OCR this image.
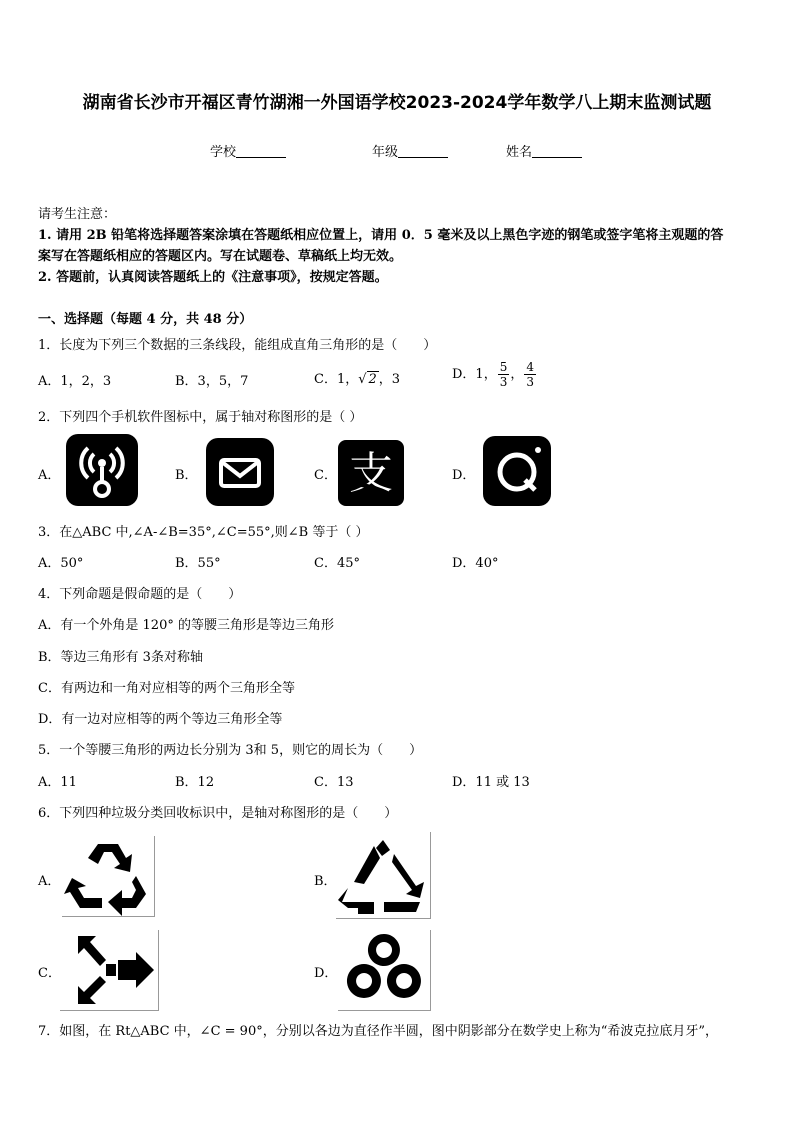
湖南省长沙市开福区青竹湖湘一外国语学校2023-2024学年数学八上期末监测试题
学校	年级	姓名
请考生注意：
1. 请用 2B 铅笔将选择题答案涂填在答题纸相应位置上，请用 0．5 毫米及以上黑色字迹的钢笔或签字笔将主观题的答
案写在答题纸相应的答题区内。写在试题卷、草稿纸上均无效。
2. 答题前，认真阅读答题纸上的《注意事项》，按规定答题。
一、选择题（每题 4 分，共 48 分）
1．长度为下列三个数据的三条线段，能组成直角三角形的是（　　）
A．1，2，3	B．3，5，7	C．1，√ 2 ，3	D．1， $\frac{5}{3}$ ， $\frac{4}{3}$
2．下列四个手机软件图标中，属于轴对称图形的是（ ）
A．	B．	C． 支	D．
3．在△ABC 中,∠A-∠B=35°,∠C=55°,则∠B 等于（ ）
A．50°	B．55°	C．45°	D．40°
4．下列命题是假命题的是（　　）
A．有一个外角是 120° 的等腰三角形是等边三角形
B．等边三角形有 3条对称轴
C．有两边和一角对应相等的两个三角形全等
D．有一边对应相等的两个等边三角形全等
5．一个等腰三角形的两边长分别为 3和 5，则它的周长为（　　）
A．11	B．12	C．13	D．11 或 13
6．下列四种垃圾分类回收标识中，是轴对称图形的是（　　）
A．	B．
C．	D．
7．如图，在 Rt△ABC 中，∠C = 90°，分别以各边为直径作半圆，图中阴影部分在数学史上称为“希波克拉底月牙”，
